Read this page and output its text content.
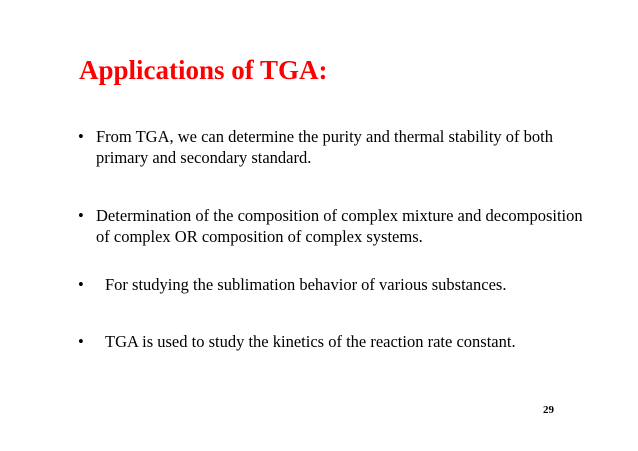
Applications of TGA:
• From TGA, we can determine the purity and thermal stability of both primary and secondary standard.
• Determination of the composition of complex mixture and decomposition of complex OR composition of complex systems.
• For studying the sublimation behavior of various substances.
• TGA is used to study the kinetics of the reaction rate constant.
29
